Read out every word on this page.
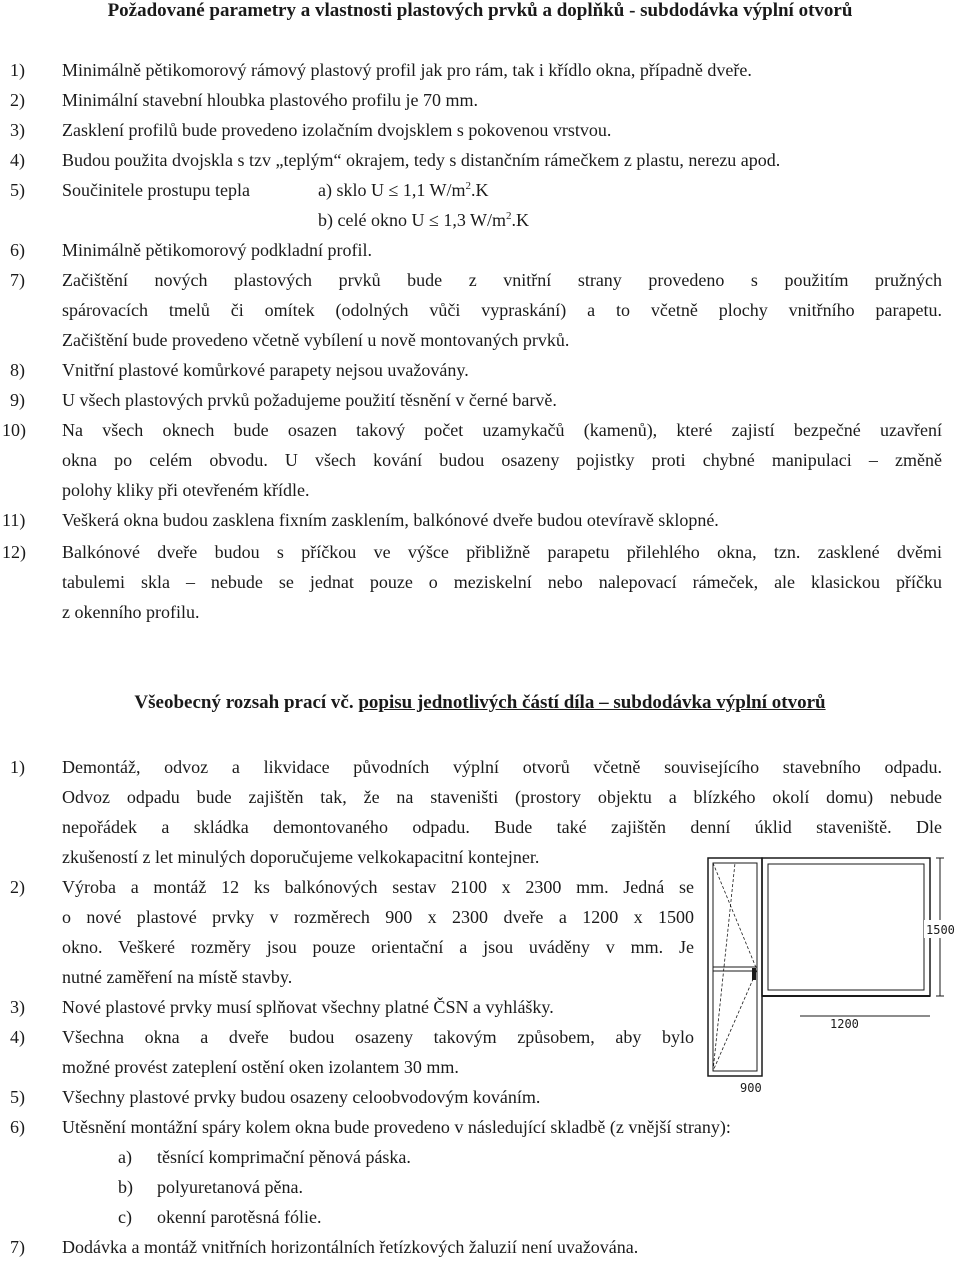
Požadované parametry a vlastnosti plastových prvků a doplňků - subdodávka výplní otvorů
1)	Minimálně pětikomorový rámový plastový profil jak pro rám, tak i křídlo okna, případně dveře.
2)	Minimální stavební hloubka plastového profilu je 70 mm.
3)	Zasklení profilů bude provedeno izolačním dvojsklem s pokovenou vrstvou.
4)	Budou použita dvojskla s tzv „teplým“ okrajem, tedy s distančním rámečkem z plastu, nerezu apod.
5)	Součinitele prostupu tepla	a) sklo U ≤ 1,1 $W/m^2.K$
b) celé okno U ≤ 1,3 $W/m^2.K$
6)	Minimálně pětikomorový podkladní profil.
7)	Začištění nových plastových prvků bude z vnitřní strany provedeno s použitím pružných
spárovacích tmelů či omítek (odolných vůči vypraskání) a to včetně plochy vnitřního parapetu.
Začištění bude provedeno včetně vybílení u nově montovaných prvků.
8)	Vnitřní plastové komůrkové parapety nejsou uvažovány.
9)	U všech plastových prvků požadujeme použití těsnění v černé barvě.
10)	Na všech oknech bude osazen takový počet uzamykačů (kamenů), které zajistí bezpečné uzavření
okna po celém obvodu. U všech kování budou osazeny pojistky proti chybné manipulaci – změně
polohy kliky při otevřeném křídle.
11)	Veškerá okna budou zasklena fixním zasklením, balkónové dveře budou otevíravě sklopné.
12)	Balkónové dveře budou s příčkou ve výšce přibližně parapetu přilehlého okna, tzn. zasklené dvěmi
tabulemi skla – nebude se jednat pouze o meziskelní nebo nalepovací rámeček, ale klasickou příčku
z okenního profilu.
Všeobecný rozsah prací vč. popisu jednotlivých částí díla – subdodávka výplní otvorů
1)	Demontáž, odvoz a likvidace původních výplní otvorů včetně souvisejícího stavebního odpadu.
Odvoz odpadu bude zajištěn tak, že na staveništi (prostory objektu a blízkého okolí domu) nebude
nepořádek a skládka demontovaného odpadu. Bude také zajištěn denní úklid staveniště. Dle
zkušeností z let minulých doporučujeme velkokapacitní kontejner.
2)	Výroba a montáž 12 ks balkónových sestav 2100 x 2300 mm. Jedná se
o nové plastové prvky v rozměrech 900 x 2300 dveře a 1200 x 1500
okno. Veškeré rozměry jsou pouze orientační a jsou uváděny v mm. Je
nutné zaměření na místě stavby.
3)	Nové plastové prvky musí splňovat všechny platné ČSN a vyhlášky.
4)	Všechna okna a dveře budou osazeny takovým způsobem, aby bylo
možné provést zateplení ostění oken izolantem 30 mm.
5)	Všechny plastové prvky budou osazeny celoobvodovým kováním.
6)	Utěsnění montážní spáry kolem okna bude provedeno v následující skladbě (z vnější strany):
a) těsnící komprimační pěnová páska.
b) polyuretanová pěna.
c) okenní parotěsná fólie.
7)	Dodávka a montáž vnitřních horizontálních řetízkových žaluzií není uvažována.
1500
1200
900
